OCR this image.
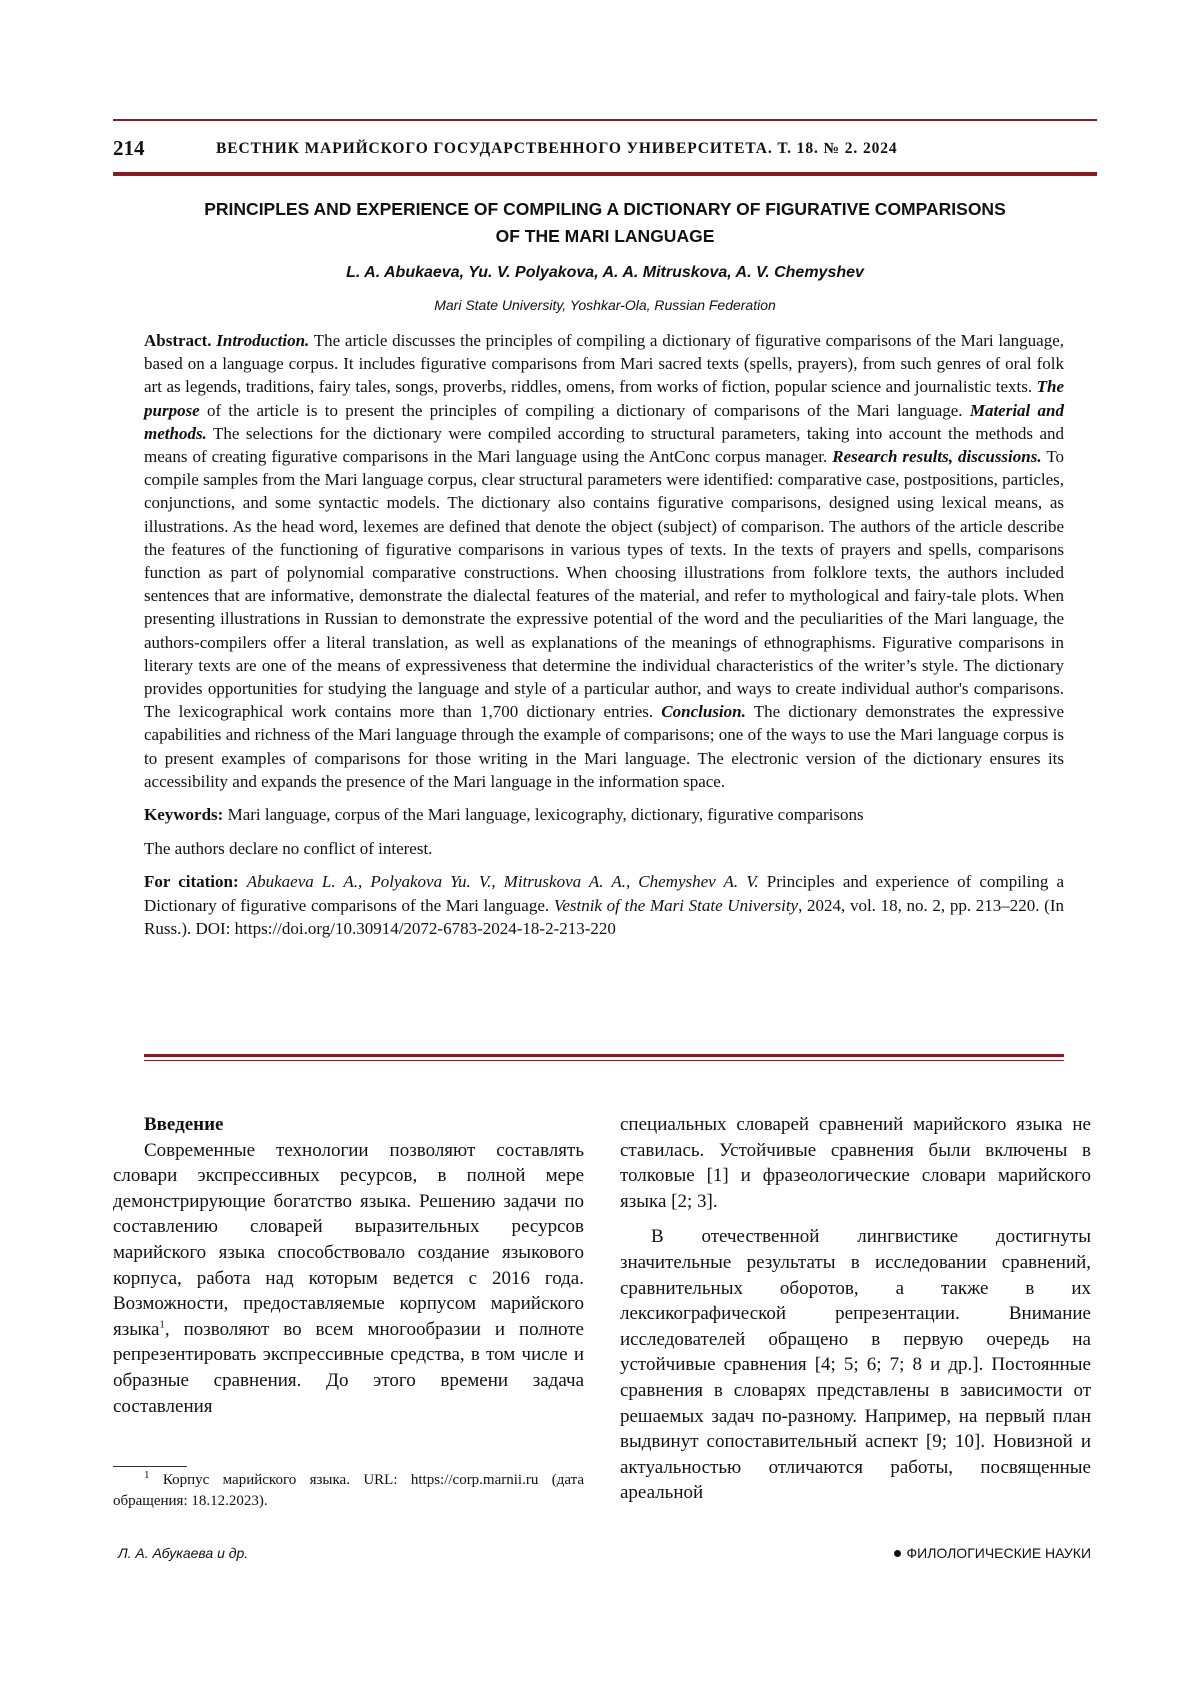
214	ВЕСТНИК МАРИЙСКОГО ГОСУДАРСТВЕННОГО УНИВЕРСИТЕТА. Т. 18. № 2. 2024
PRINCIPLES AND EXPERIENCE OF COMPILING A DICTIONARY OF FIGURATIVE COMPARISONS
OF THE MARI LANGUAGE
L. A. Abukaeva, Yu. V. Polyakova, A. A. Mitruskova, A. V. Chemyshev
Mari State University, Yoshkar-Ola, Russian Federation

Abstract. Introduction. The article discusses the principles of compiling a dictionary of figurative comparisons of the Mari language, based on a language corpus. It includes figurative comparisons from Mari sacred texts (spells, prayers), from such genres of oral folk art as legends, traditions, fairy tales, songs, proverbs, riddles, omens, from works of fiction, popular science and journalistic texts. The purpose of the article is to present the principles of compiling a dictionary of comparisons of the Mari language. Material and methods. The selections for the dictionary were compiled according to structural parameters, taking into account the methods and means of creating figurative comparisons in the Mari language using the AntConc corpus manager. Research results, discussions. To compile samples from the Mari language corpus, clear structural parameters were identified: comparative case, postpositions, particles, conjunctions, and some syntactic models. The dictionary also contains figurative comparisons, designed using lexical means, as illustrations. As the head word, lexemes are defined that denote the object (subject) of comparison. The authors of the article describe the features of the functioning of figurative comparisons in various types of texts. In the texts of prayers and spells, comparisons function as part of polynomial comparative constructions. When choosing illustrations from folklore texts, the authors included sentences that are informative, demonstrate the dialectal features of the material, and refer to mythological and fairy-tale plots. When presenting illustrations in Russian to demonstrate the expressive potential of the word and the peculiarities of the Mari language, the authors-compilers offer a literal translation, as well as explanations of the meanings of ethnographisms. Figurative comparisons in literary texts are one of the means of expressiveness that determine the individual characteristics of the writer’s style. The dictionary provides opportunities for studying the language and style of a particular author, and ways to create individual author's comparisons. The lexicographical work contains more than 1,700 dictionary entries. Conclusion. The dictionary demonstrates the expressive capabilities and richness of the Mari language through the example of comparisons; one of the ways to use the Mari language corpus is to present examples of comparisons for those writing in the Mari language. The electronic version of the dictionary ensures its accessibility and expands the presence of the Mari language in the information space.

Keywords: Mari language, corpus of the Mari language, lexicography, dictionary, figurative comparisons

The authors declare no conflict of interest.

For citation: Abukaeva L. A., Polyakova Yu. V., Mitruskova A. A., Chemyshev A. V. Principles and experience of compiling a Dictionary of figurative comparisons of the Mari language. Vestnik of the Mari State University, 2024, vol. 18, no. 2, pp. 213–220. (In Russ.). DOI: https://doi.org/10.30914/2072-6783-2024-18-2-213-220

Введение

Современные технологии позволяют составлять словари экспрессивных ресурсов, в полной мере демонстрирующие богатство языка. Решению задачи по составлению словарей выразительных ресурсов марийского языка способствовало создание языкового корпуса, работа над которым ведется с 2016 года. Возможности, предоставляемые корпусом марийского языка$^1$, позволяют во всем многообразии и полноте репрезентировать экспрессивные средства, в том числе и образные сравнения. До этого времени задача составления

специальных словарей сравнений марийского языка не ставилась. Устойчивые сравнения были включены в толковые [1] и фразеологические словари марийского языка [2; 3].

В отечественной лингвистике достигнуты значительные результаты в исследовании сравнений, сравнительных оборотов, а также в их лексикографической репрезентации. Внимание исследователей обращено в первую очередь на устойчивые сравнения [4; 5; 6; 7; 8 и др.]. Постоянные сравнения в словарях представлены в зависимости от решаемых задач по-разному. Например, на первый план выдвинут сопоставительный аспект [9; 10]. Новизной и актуальностью отличаются работы, посвященные ареальной

$^1$ Корпус марийского языка. URL: https://corp.marnii.ru (дата обращения: 18.12.2023).

Л. А. Абукаева и др.	ФИЛОЛОГИЧЕСКИЕ НАУКИ
